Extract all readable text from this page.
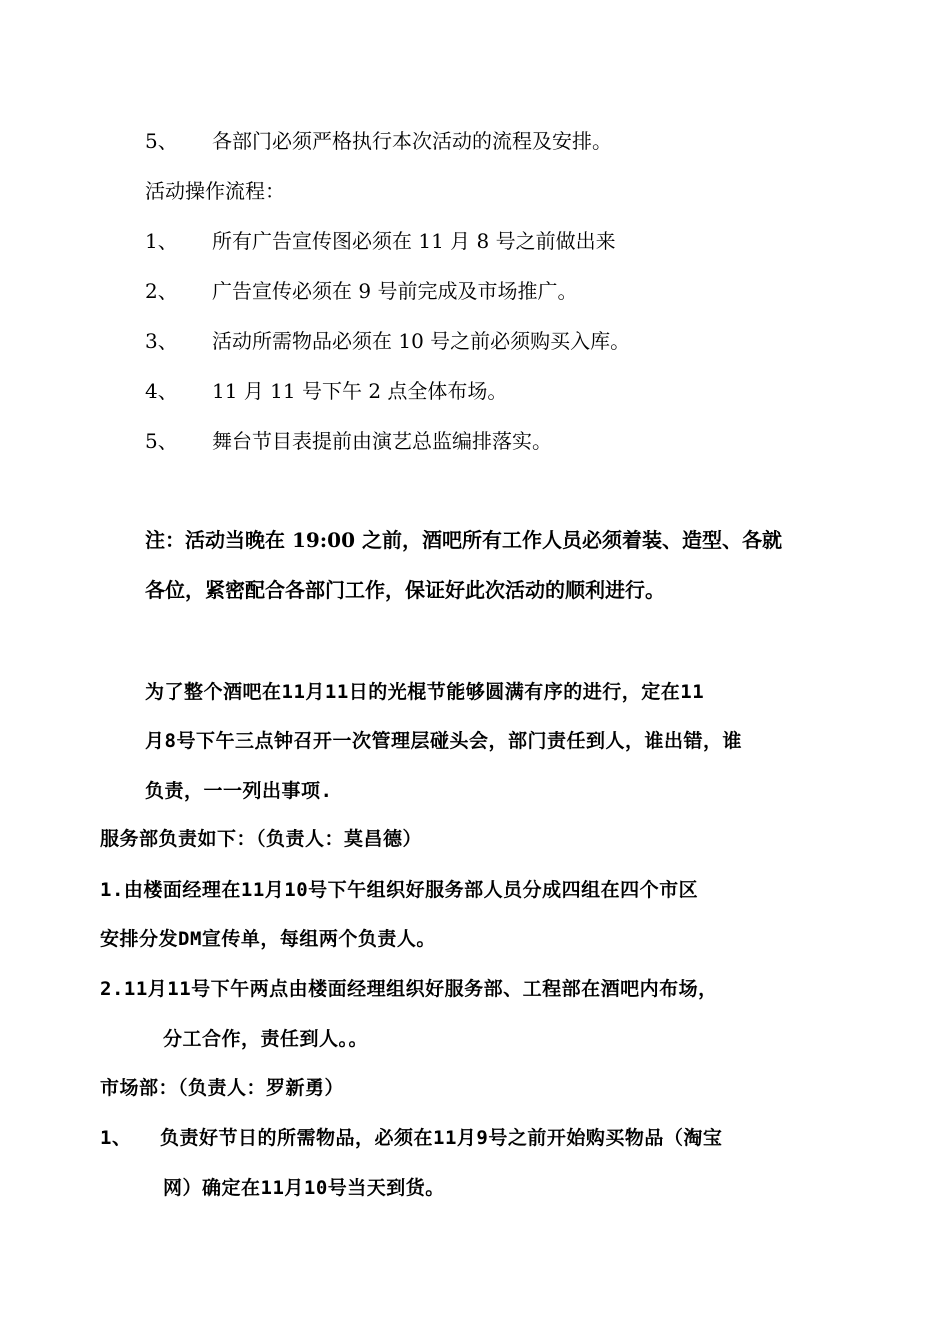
5、 各部门必须严格执行本次活动的流程及安排。
活动操作流程：
1、 所有广告宣传图必须在 11 月 8 号之前做出来
2、 广告宣传必须在 9 号前完成及市场推广。
3、 活动所需物品必须在 10 号之前必须购买入库。
4、 11 月 11 号下午 2 点全体布场。
5、 舞台节目表提前由演艺总监编排落实。
注：活动当晚在 19:00 之前，酒吧所有工作人员必须着装、造型、各就
各位，紧密配合各部门工作，保证好此次活动的顺利进行。
为了整个酒吧在11月11日的光棍节能够圆满有序的进行，定在11
月8号下午三点钟召开一次管理层碰头会，部门责任到人，谁出错，谁
负责，一一列出事项.
服务部负责如下：（负责人：莫昌德）
1.由楼面经理在11月10号下午组织好服务部人员分成四组在四个市区
安排分发DM宣传单，每组两个负责人。
2.11月11号下午两点由楼面经理组织好服务部、工程部在酒吧内布场，
分工合作，责任到人。。
市场部：（负责人：罗新勇）
1、 负责好节日的所需物品，必须在11月9号之前开始购买物品（淘宝
网）确定在11月10号当天到货。
